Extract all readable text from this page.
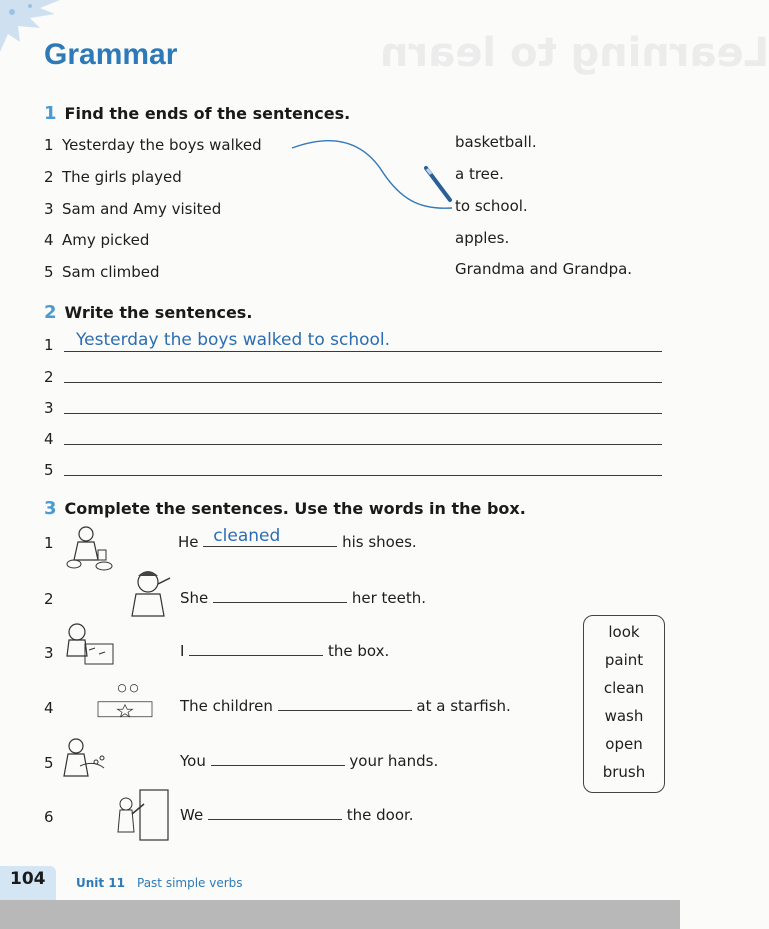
Learning to learn
Grammar
1 Find the ends of the sentences.
1 Yesterday the boys walked
2 The girls played
3 Sam and Amy visited
4 Amy picked
5 Sam climbed
basketball.
a tree.
to school.
apples.
Grandma and Grandpa.
2 Write the sentences.
1 Yesterday the boys walked to school.
2
3
4
5
3 Complete the sentences. Use the words in the box.
1	He cleaned	his shoes.
2	She	her teeth.
3	I	the box.
4	The children	at a starfish.
5	You	your hands.
6	We	the door.
look
paint
clean
wash
open
brush
104	Unit 11 Past simple verbs
